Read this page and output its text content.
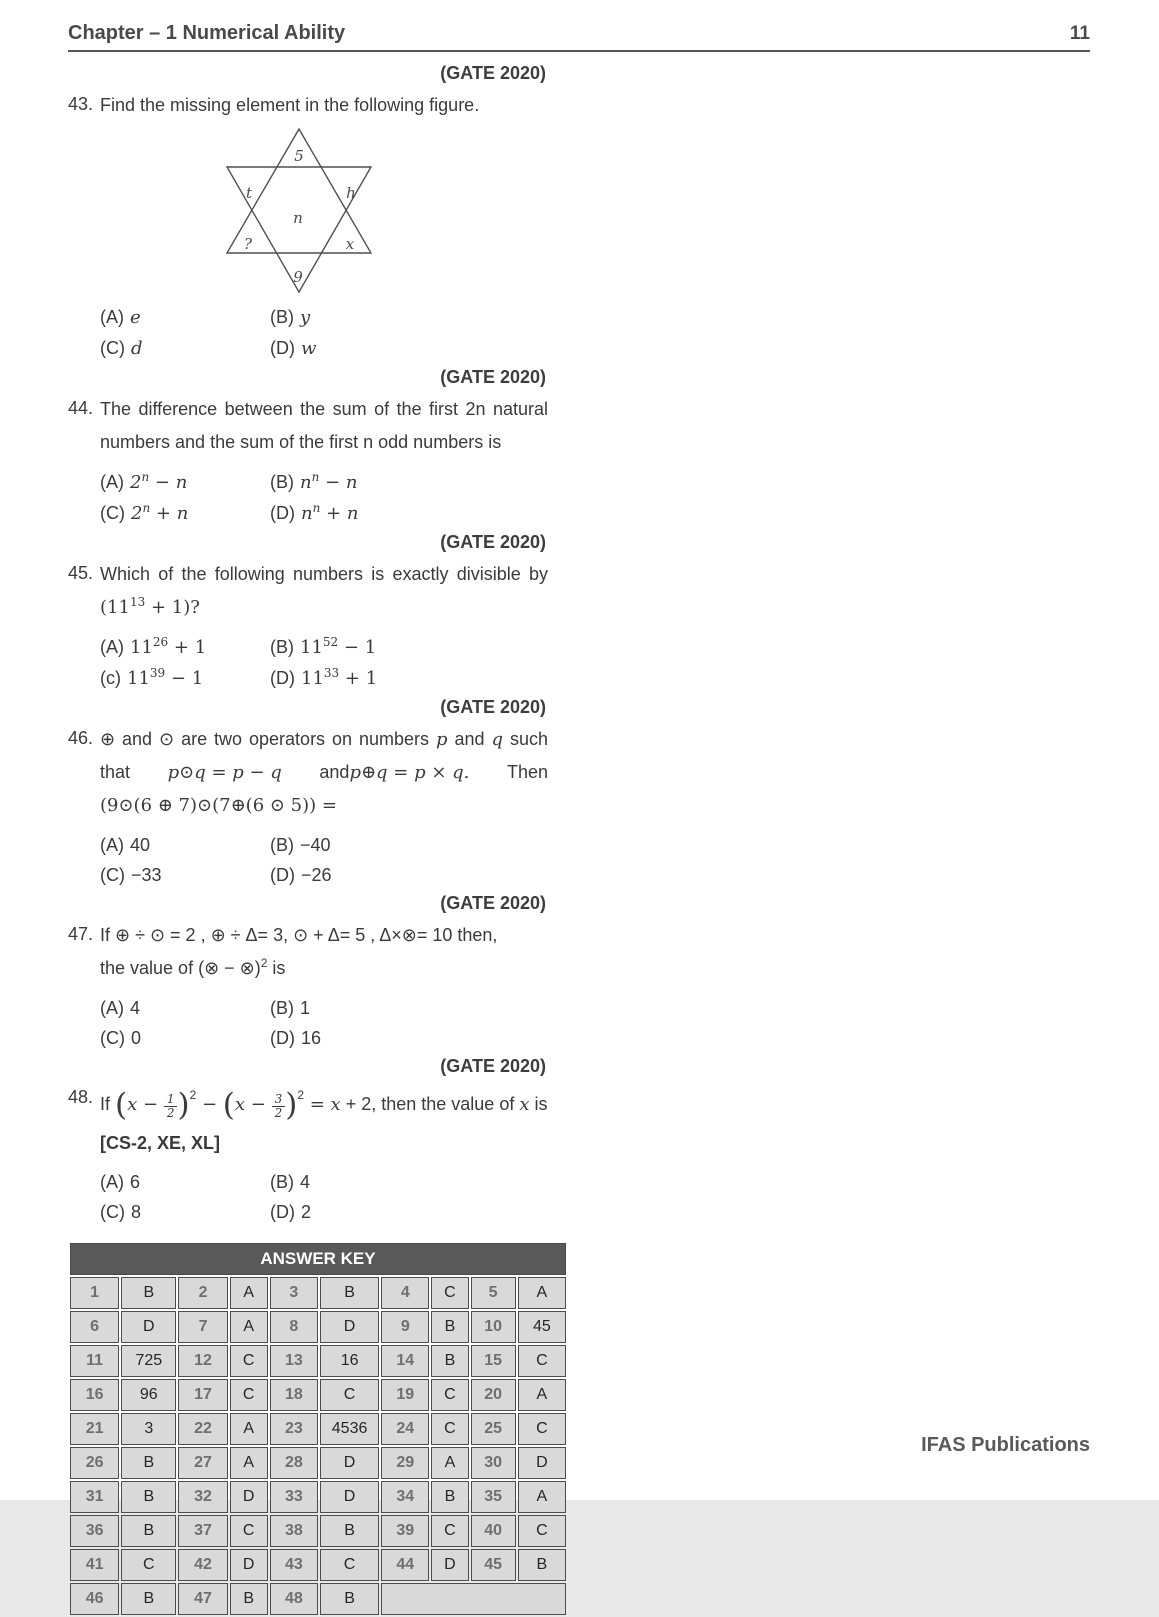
Chapter – 1 Numerical Ability	11
(GATE 2020)
43. Find the missing element in the following figure.
5
t	h
n
?	x
9
(A) e	(B) y
(C) d	(D) w
(GATE 2020)
44. The difference between the sum of the first 2n natural
numbers and the sum of the first n odd numbers is
(A) $2^n - n$	(B) $n^n - n$
(C) $2^n + n$	(D) $n^n + n$
(GATE 2020)
45. Which of the following numbers is exactly divisible by
$(11^{13} + 1)$?
(A) $11^{26} + 1$	(B) $11^{52} - 1$
(c) $11^{39} - 1$	(D) $11^{33} + 1$
(GATE 2020)
46. ⊕ and ⊙ are two operators on numbers p and q such
that p⊙q = p − q andp⊕q = p × q. Then
(9⊙(6 ⊕ 7)⊙(7⊕(6 ⊙ 5)) =
(A) 40	(B) −40
(C) −33	(D) −26
(GATE 2020)
47. If ⊕ ÷ ⊙ = 2 , ⊕ ÷ Δ= 3, ⊙ + Δ= 5 , Δ×⊗= 10 then,
the value of (⊗ − ⊗)$^2$ is
(A) 4	(B) 1
(C) 0	(D) 16
(GATE 2020)
48. If $(x - \frac{1}{2} )^2 - (x - \frac{3}{2} )^2 = x + 2$, then the value of x is
[CS-2, XE, XL]
(A) 6	(B) 4
(C) 8	(D) 2
ANSWER KEY									
1	B	2	A	3	B	4	C	5	A
6	D	7	A	8	D	9	B	10	45
11	725	12	C	13	16	14	B	15	C
16	96	17	C	18	C	19	C	20	A
21	3	22	A	23	4536	24	C	25	C
26	B	27	A	28	D	29	A	30	D
31	B	32	D	33	D	34	B	35	A
36	B	37	C	38	B	39	C	40	C
41	C	42	D	43	C	44	D	45	B
46	B	47	B	48	B				
IFAS Publications
